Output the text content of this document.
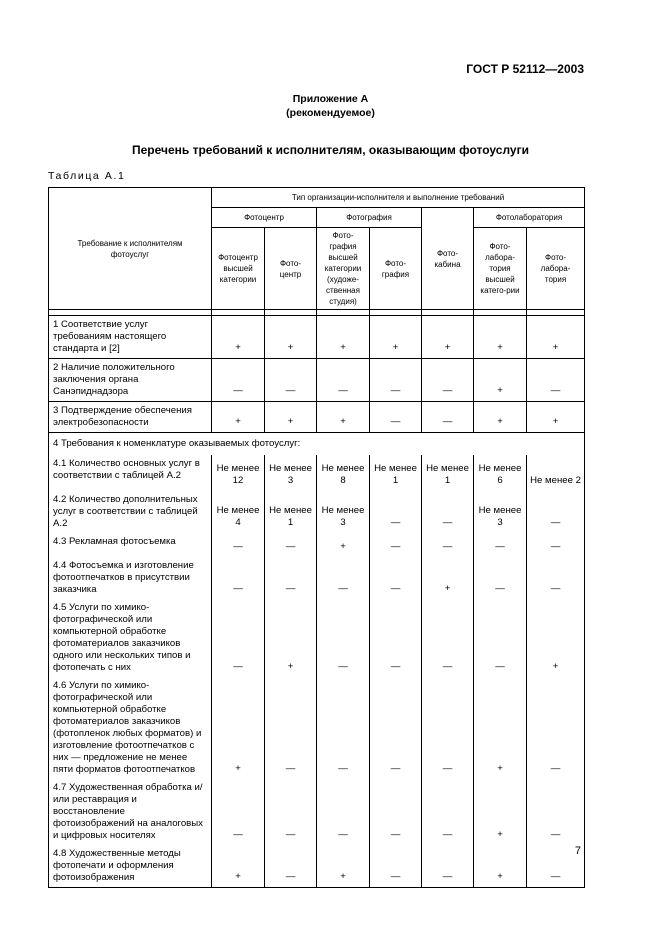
ГОСТ Р 52112—2003
Приложение А
(рекомендуемое)
Перечень требований к исполнителям, оказывающим фотоуслуги
Таблица А.1
Требование к исполнителям фотоуслуг	Тип организации-исполнителя и выполнение требований						
	Фотоцентр		Фотография		Фото-кабина	Фотолаборатория	
	Фотоцентр высшей категории	Фото-центр	Фото-графия высшей категории (художе-ственная студия)	Фото-графия		Фото-лабора-тория высшей катего-рии	Фото-лабора-тория

1 Соответствие услуг требованиям настоящего стандарта и [2]	+	+	+	+	+	+	+
2 Наличие положительного заключения органа Санэпиднадзора	—	—	—	—	—	+	—
3 Подтверждение обеспечения электробезопасности	+	+	+	—	—	+	+
4 Требования к номенклатуре оказываемых фотоуслуг:							
4.1 Количество основных услуг в соответствии с таблицей А.2	Не менее 12	Не менее 3	Не менее 8	Не менее 1	Не менее 1	Не менее 6	Не менее 2
4.2 Количество дополнительных услуг в соответствии с таблицей А.2	Не менее 4	Не менее 1	Не менее 3	—	—	Не менее 3	—
4.3 Рекламная фотосъемка	—	—	+	—	—	—	—
4.4 Фотосъемка и изготовление фотоотпечатков в присутствии заказчика	—	—	—	—	+	—	—
4.5 Услуги по химико-фотографической или компьютерной обработке фотоматериалов заказчиков одного или нескольких типов и фотопечать с них	—	+	—	—	—	—	+
4.6 Услуги по химико-фотографической или компьютерной обработке фотоматериалов заказчиков (фотопленок любых форматов) и изготовление фотоотпечатков с них — предложение не менее пяти форматов фотоотпечатков	+	—	—	—	—	+	—
4.7 Художественная обработка и/или реставрация и восстановление фотоизображений на аналоговых и цифровых носителях	—	—	—	—	—	+	—
4.8 Художественные методы фотопечати и оформления фотоизображения	+	—	+	—	—	+	—
7
